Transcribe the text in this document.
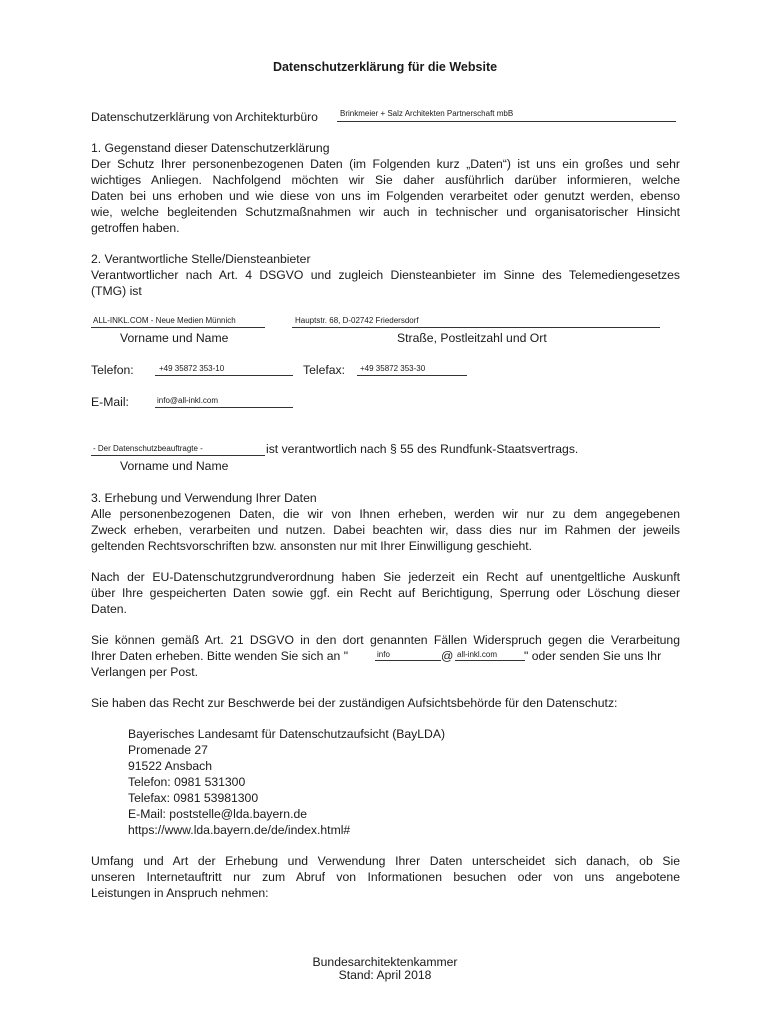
Datenschutzerklärung für die Website
Datenschutzerklärung von Architekturbüro	Brinkmeier + Salz Architekten Partnerschaft mbB
1. Gegenstand dieser Datenschutzerklärung
Der Schutz Ihrer personenbezogenen Daten (im Folgenden kurz „Daten“) ist uns ein großes und sehr
wichtiges Anliegen. Nachfolgend möchten wir Sie daher ausführlich darüber informieren, welche
Daten bei uns erhoben und wie diese von uns im Folgenden verarbeitet oder genutzt werden, ebenso
wie, welche begleitenden Schutzmaßnahmen wir auch in technischer und organisatorischer Hinsicht
getroffen haben.
2. Verantwortliche Stelle/Diensteanbieter
Verantwortlicher nach Art. 4 DSGVO und zugleich Diensteanbieter im Sinne des Telemediengesetzes
(TMG) ist
ALL-INKL.COM - Neue Medien Münnich
Vorname und Name
Hauptstr. 68, D-02742 Friedersdorf
Straße, Postleitzahl und Ort
Telefon:	+49 35872 353-10	Telefax: +49 35872 353-30
E-Mail:	info@all-inkl.com
- Der Datenschutzbeauftragte -	ist verantwortlich nach § 55 des Rundfunk-Staatsvertrags.
Vorname und Name
3. Erhebung und Verwendung Ihrer Daten
Alle personenbezogenen Daten, die wir von Ihnen erheben, werden wir nur zu dem angegebenen
Zweck erheben, verarbeiten und nutzen. Dabei beachten wir, dass dies nur im Rahmen der jeweils
geltenden Rechtsvorschriften bzw. ansonsten nur mit Ihrer Einwilligung geschieht.
Nach der EU-Datenschutzgrundverordnung haben Sie jederzeit ein Recht auf unentgeltliche Auskunft
über Ihre gespeicherten Daten sowie ggf. ein Recht auf Berichtigung, Sperrung oder Löschung dieser
Daten.
Sie können gemäß Art. 21 DSGVO in den dort genannten Fällen Widerspruch gegen die Verarbeitung
Ihrer Daten erheben. Bitte wenden Sie sich an "	info	@ all-inkl.com " oder senden Sie uns Ihr
Verlangen per Post.
Sie haben das Recht zur Beschwerde bei der zuständigen Aufsichtsbehörde für den Datenschutz:
Bayerisches Landesamt für Datenschutzaufsicht (BayLDA)
Promenade 27
91522 Ansbach
Telefon: 0981 531300
Telefax: 0981 53981300
E-Mail: poststelle@lda.bayern.de
https://www.lda.bayern.de/de/index.html#
Umfang und Art der Erhebung und Verwendung Ihrer Daten unterscheidet sich danach, ob Sie
unseren Internetauftritt nur zum Abruf von Informationen besuchen oder von uns angebotene
Leistungen in Anspruch nehmen:
Bundesarchitektenkammer
Stand: April 2018
